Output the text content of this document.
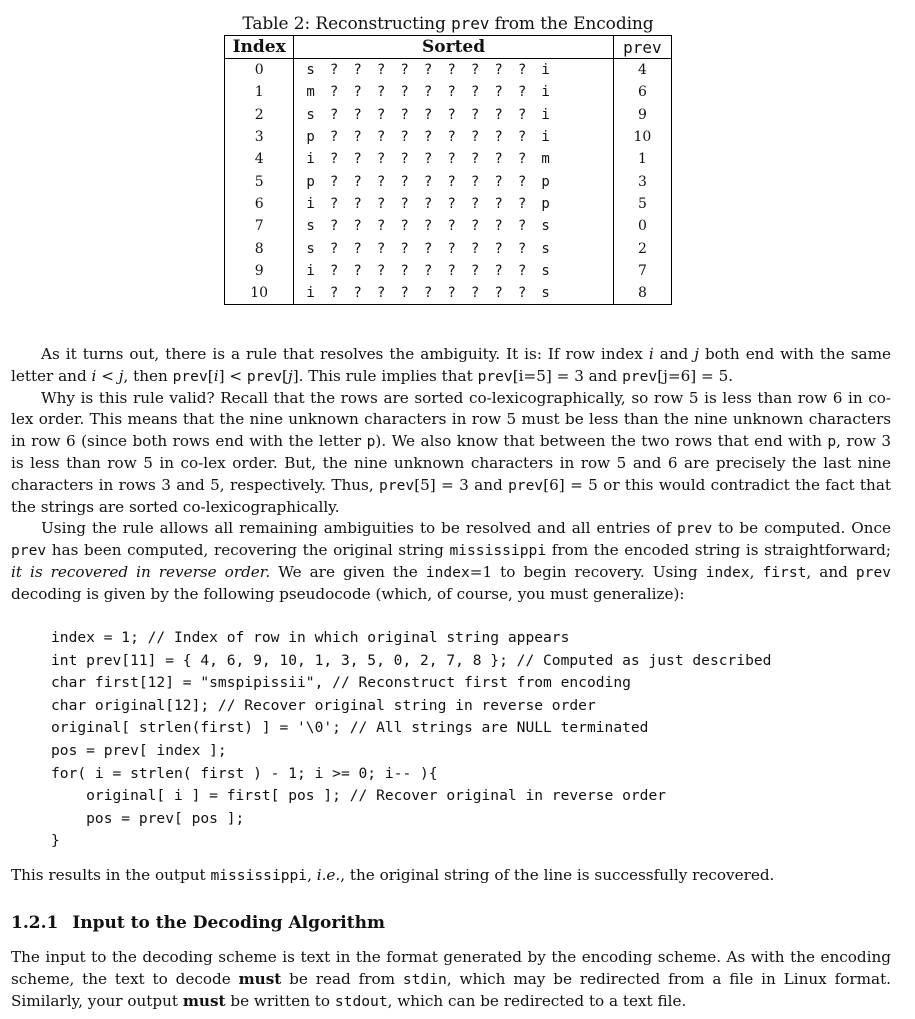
Table 2: Reconstructing prev from the Encoding
Index	Sorted	prev
0	s ? ? ? ? ? ? ? ? ? i	4
1	m ? ? ? ? ? ? ? ? ? i	6
2	s ? ? ? ? ? ? ? ? ? i	9
3	p ? ? ? ? ? ? ? ? ? i	10
4	i ? ? ? ? ? ? ? ? ? m	1
5	p ? ? ? ? ? ? ? ? ? p	3
6	i ? ? ? ? ? ? ? ? ? p	5
7	s ? ? ? ? ? ? ? ? ? s	0
8	s ? ? ? ? ? ? ? ? ? s	2
9	i ? ? ? ? ? ? ? ? ? s	7
10	i ? ? ? ? ? ? ? ? ? s	8

As it turns out, there is a rule that resolves the ambiguity. It is: If row index i and j both end with the same letter and i < j, then prev[i] < prev[j]. This rule implies that prev[i=5] = 3 and prev[j=6] = 5.

Why is this rule valid? Recall that the rows are sorted co-lexicographically, so row 5 is less than row 6 in co-lex order. This means that the nine unknown characters in row 5 must be less than the nine unknown characters in row 6 (since both rows end with the letter p). We also know that between the two rows that end with p, row 3 is less than row 5 in co-lex order. But, the nine unknown characters in row 5 and 6 are precisely the last nine characters in rows 3 and 5, respectively. Thus, prev[5] = 3 and prev[6] = 5 or this would contradict the fact that the strings are sorted co-lexicographically.

Using the rule allows all remaining ambiguities to be resolved and all entries of prev to be computed. Once prev has been computed, recovering the original string mississippi from the encoded string is straightforward; it is recovered in reverse order. We are given the index=1 to begin recovery. Using index, first, and prev decoding is given by the following pseudocode (which, of course, you must generalize):

index = 1; // Index of row in which original string appears
int prev[11] = { 4, 6, 9, 10, 1, 3, 5, 0, 2, 7, 8 }; // Computed as just described
char first[12] = "smspipissii", // Reconstruct first from encoding
char original[12]; // Recover original string in reverse order
original[ strlen(first) ] = '\0'; // All strings are NULL terminated
pos = prev[ index ];
for( i = strlen( first ) - 1; i >= 0; i-- ){
original[ i ] = first[ pos ]; // Recover original in reverse order
pos = prev[ pos ];
}
This results in the output mississippi, i.e., the original string of the line is successfully recovered.
1.2.1 Input to the Decoding Algorithm

The input to the decoding scheme is text in the format generated by the encoding scheme. As with the encoding scheme, the text to decode must be read from stdin, which may be redirected from a file in Linux format. Similarly, your output must be written to stdout, which can be redirected to a text file.
